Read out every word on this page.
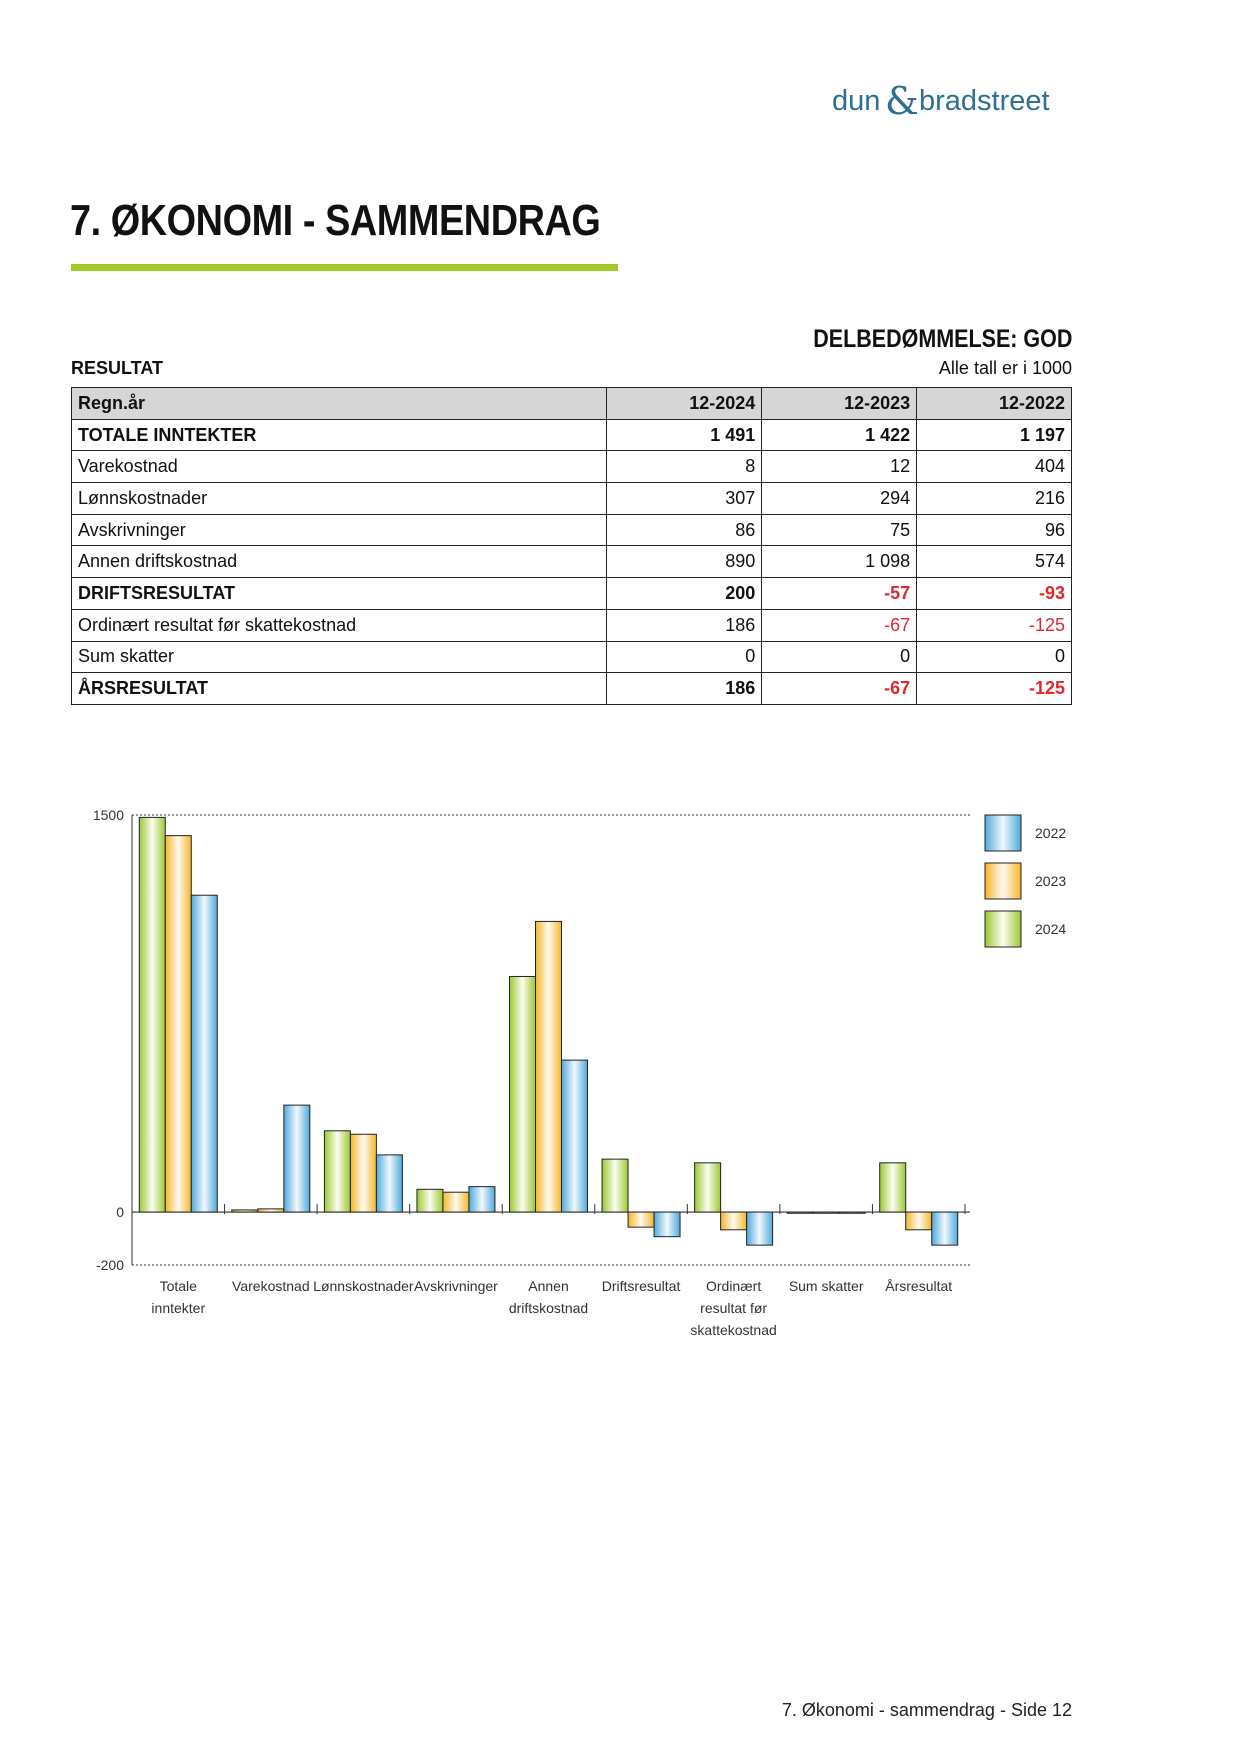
dun & bradstreet
7. ØKONOMI - SAMMENDRAG
DELBEDØMMELSE: GOD
RESULTAT	Alle tall er i 1000
Regn.år	12-2024	12-2023	12-2022
TOTALE INNTEKTER	1 491	1 422	1 197
Varekostnad	8	12	404
Lønnskostnader	307	294	216
Avskrivninger	86	75	96
Annen driftskostnad	890	1 098	574
DRIFTSRESULTAT	200	-57	-93
Ordinært resultat før skattekostnad	186	-67	-125
Sum skatter	0	0	0
ÅRSRESULTAT	186	-67	-125
1500
0
-200
Totale
inntekter
Varekostnad Lønnskostnader Avskrivninger Annen
driftskostnad
Driftsresultat Ordinært
resultat før
skattekostnad
Sum skatter Årsresultat
2022
2023
2024
7. Økonomi - sammendrag - Side 12
